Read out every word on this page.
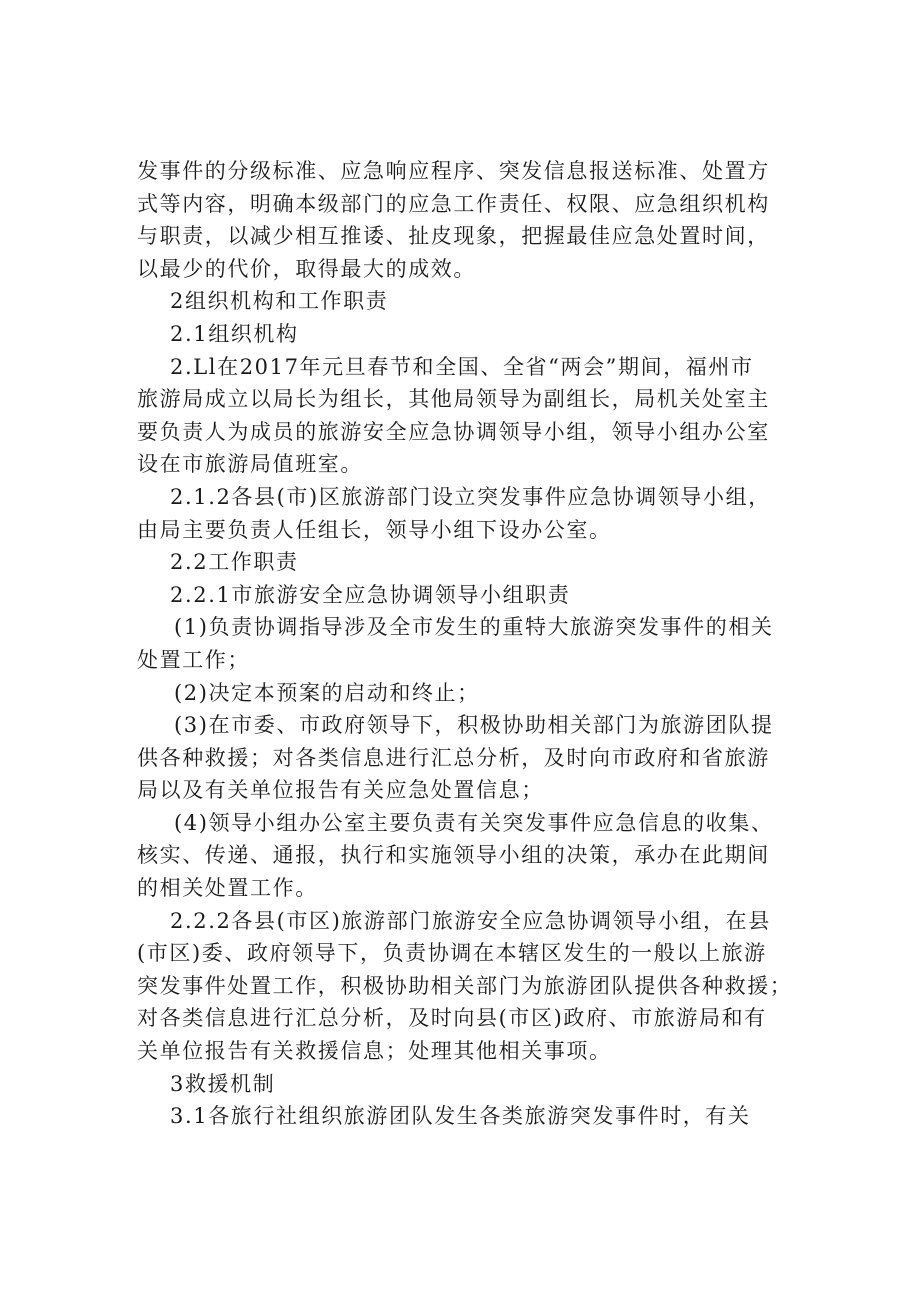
发事件的分级标准、应急响应程序、突发信息报送标准、处置方
式等内容，明确本级部门的应急工作责任、权限、应急组织机构
与职责，以减少相互推诿、扯皮现象，把握最佳应急处置时间，
以最少的代价，取得最大的成效。
2组织机构和工作职责
2.1组织机构
2.Ll在2017年元旦春节和全国、全省“两会”期间，福州市
旅游局成立以局长为组长，其他局领导为副组长，局机关处室主
要负责人为成员的旅游安全应急协调领导小组，领导小组办公室
设在市旅游局值班室。
2.1.2各县(市)区旅游部门设立突发事件应急协调领导小组，
由局主要负责人任组长，领导小组下设办公室。
2.2工作职责
2.2.1市旅游安全应急协调领导小组职责
(1)负责协调指导涉及全市发生的重特大旅游突发事件的相关
处置工作；
(2)决定本预案的启动和终止；
(3)在市委、市政府领导下，积极协助相关部门为旅游团队提
供各种救援；对各类信息进行汇总分析，及时向市政府和省旅游
局以及有关单位报告有关应急处置信息；
(4)领导小组办公室主要负责有关突发事件应急信息的收集、
核实、传递、通报，执行和实施领导小组的决策，承办在此期间
的相关处置工作。
2.2.2各县(市区)旅游部门旅游安全应急协调领导小组，在县
(市区)委、政府领导下，负责协调在本辖区发生的一般以上旅游
突发事件处置工作，积极协助相关部门为旅游团队提供各种救援；
对各类信息进行汇总分析，及时向县(市区)政府、市旅游局和有
关单位报告有关救援信息；处理其他相关事项。
3救援机制
3.1各旅行社组织旅游团队发生各类旅游突发事件时，有关
